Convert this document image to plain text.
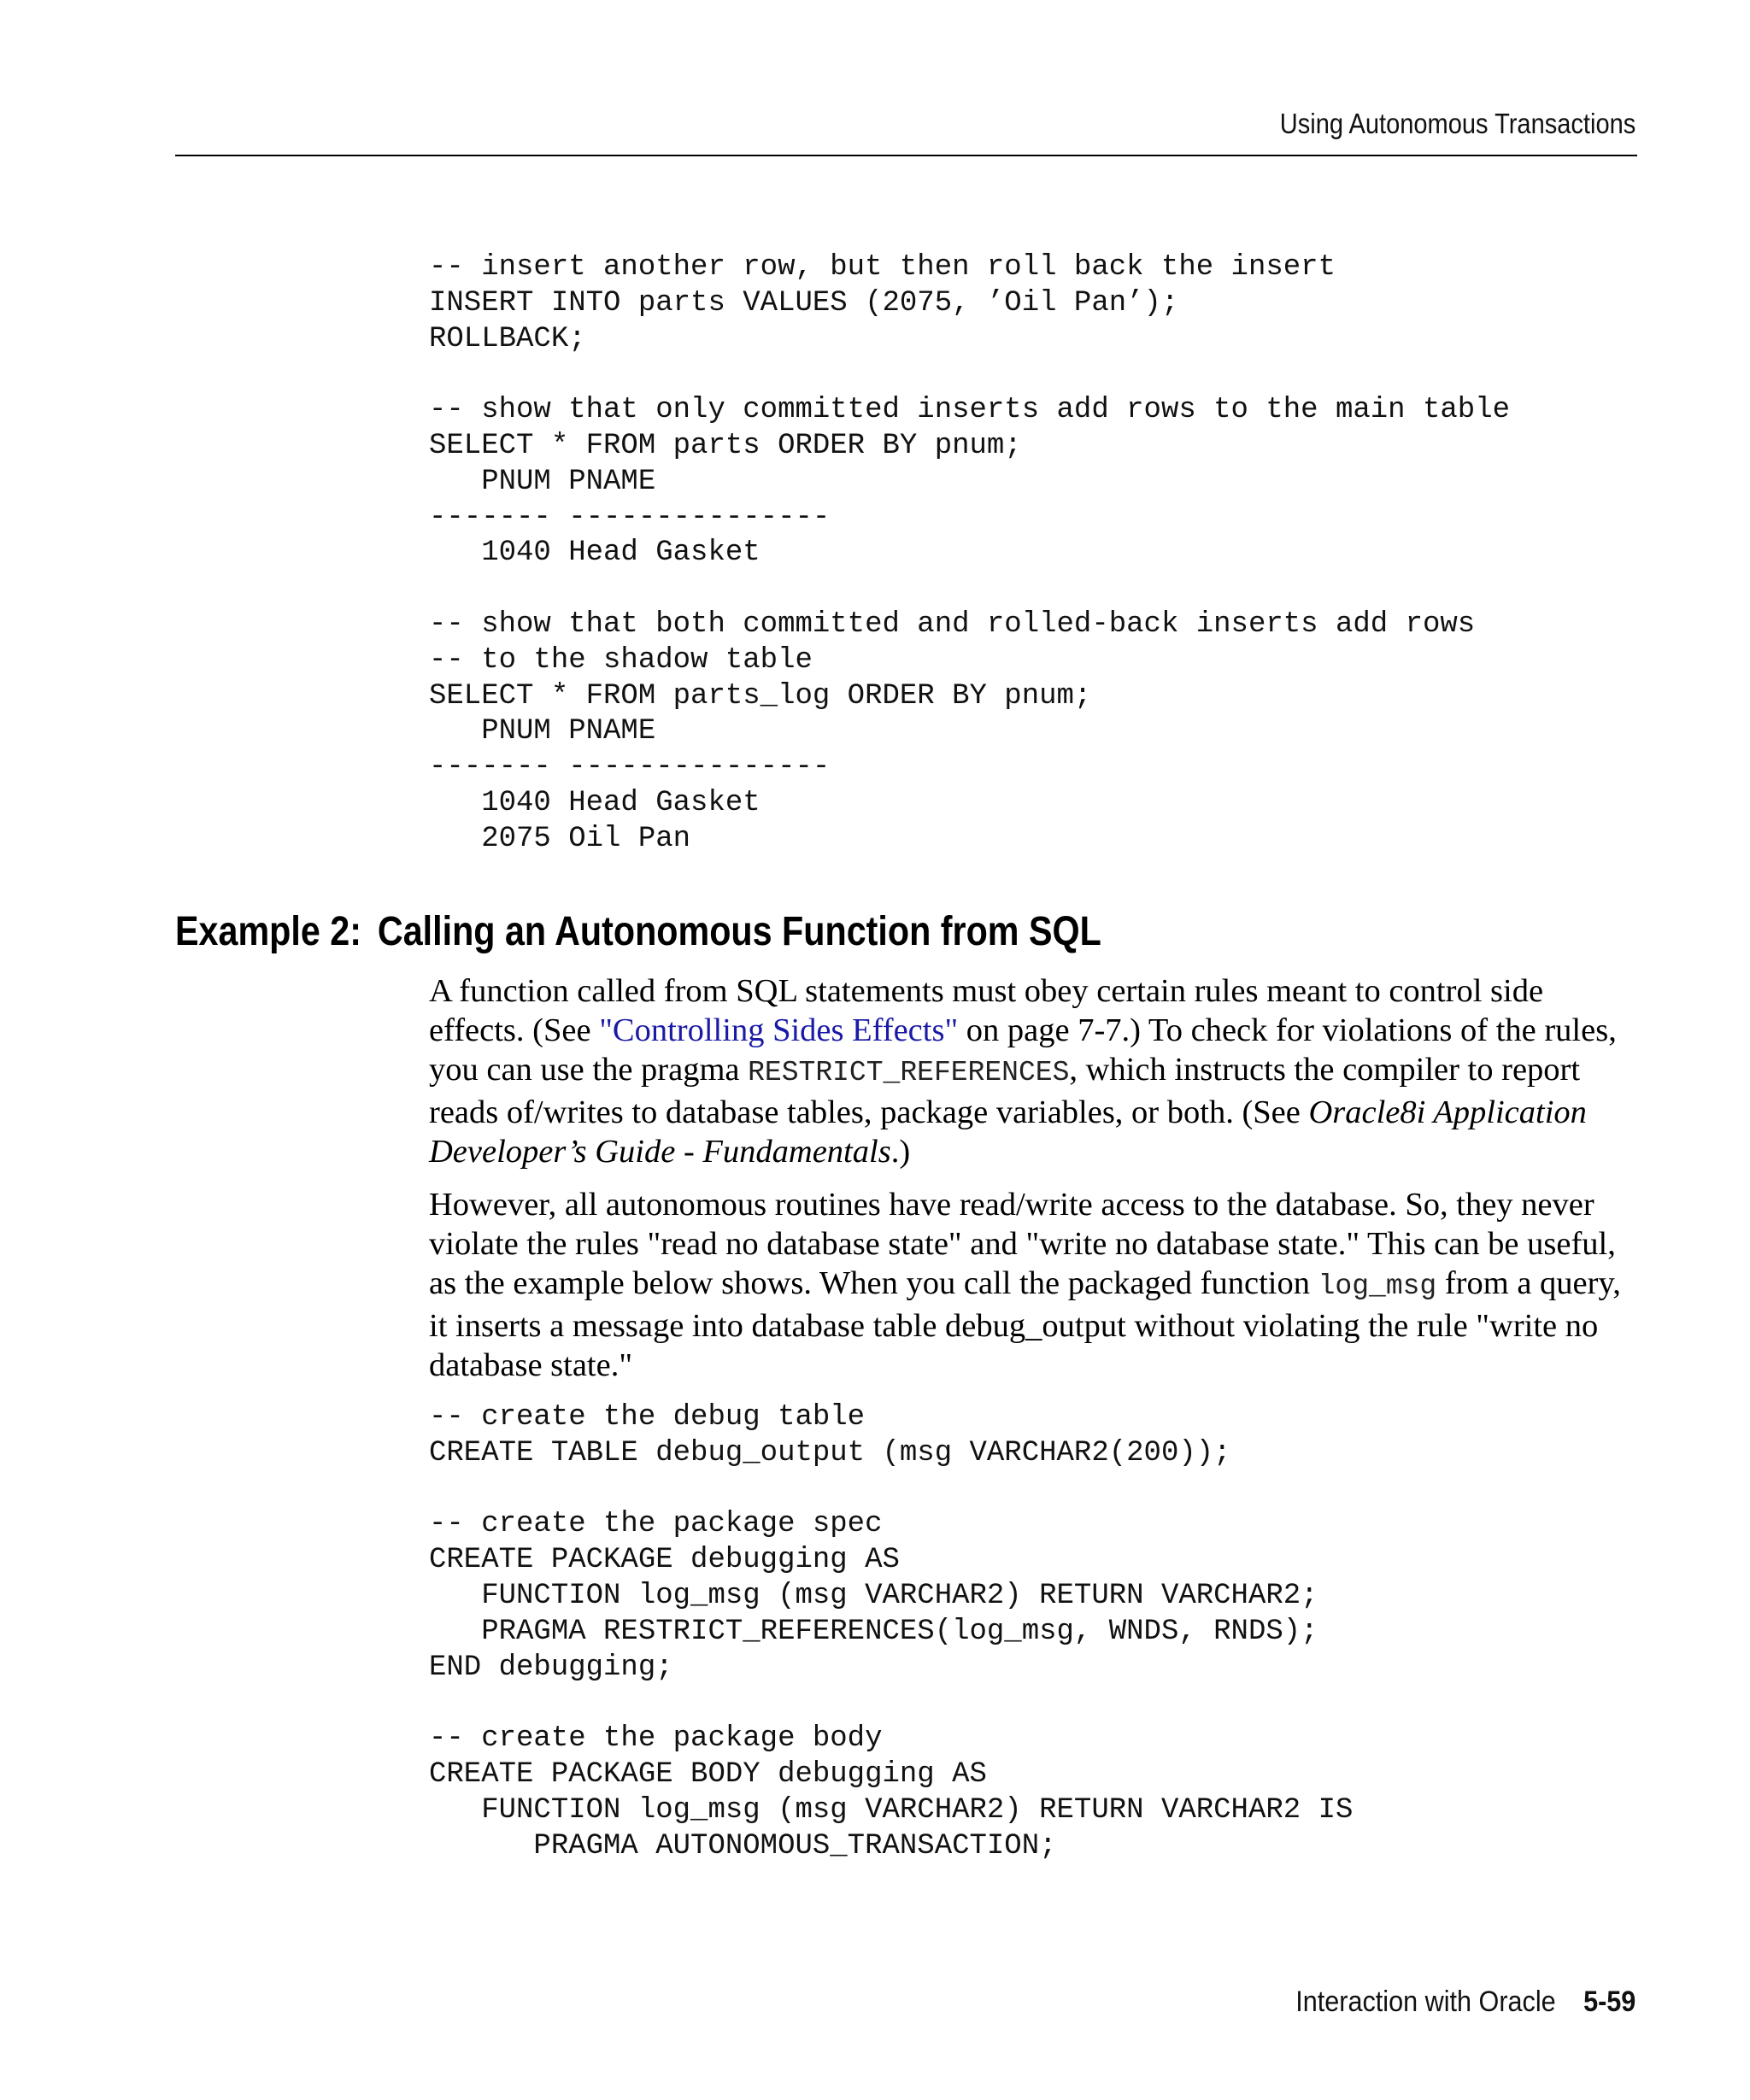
Using Autonomous Transactions
-- insert another row, but then roll back the insert
INSERT INTO parts VALUES (2075, ’Oil Pan’);
ROLLBACK;

-- show that only committed inserts add rows to the main table
SELECT * FROM parts ORDER BY pnum;
PNUM PNAME
------- ---------------
1040 Head Gasket

-- show that both committed and rolled-back inserts add rows
-- to the shadow table
SELECT * FROM parts_log ORDER BY pnum;
PNUM PNAME
------- ---------------
1040 Head Gasket
2075 Oil Pan
Example 2: Calling an Autonomous Function from SQL

A function called from SQL statements must obey certain rules meant to control side effects. (See "Controlling Sides Effects" on page 7-7.) To check for violations of the rules, you can use the pragma RESTRICT_REFERENCES, which instructs the compiler to report reads of/writes to database tables, package variables, or both. (See Oracle8i Application Developer’s Guide - Fundamentals.)

However, all autonomous routines have read/write access to the database. So, they never violate the rules "read no database state" and "write no database state." This can be useful, as the example below shows. When you call the packaged function log_msg from a query, it inserts a message into database table debug_output without violating the rule "write no database state."

-- create the debug table
CREATE TABLE debug_output (msg VARCHAR2(200));

-- create the package spec
CREATE PACKAGE debugging AS
FUNCTION log_msg (msg VARCHAR2) RETURN VARCHAR2;
PRAGMA RESTRICT_REFERENCES(log_msg, WNDS, RNDS);
END debugging;

-- create the package body
CREATE PACKAGE BODY debugging AS
FUNCTION log_msg (msg VARCHAR2) RETURN VARCHAR2 IS
PRAGMA AUTONOMOUS_TRANSACTION;
Interaction with Oracle 5-59
